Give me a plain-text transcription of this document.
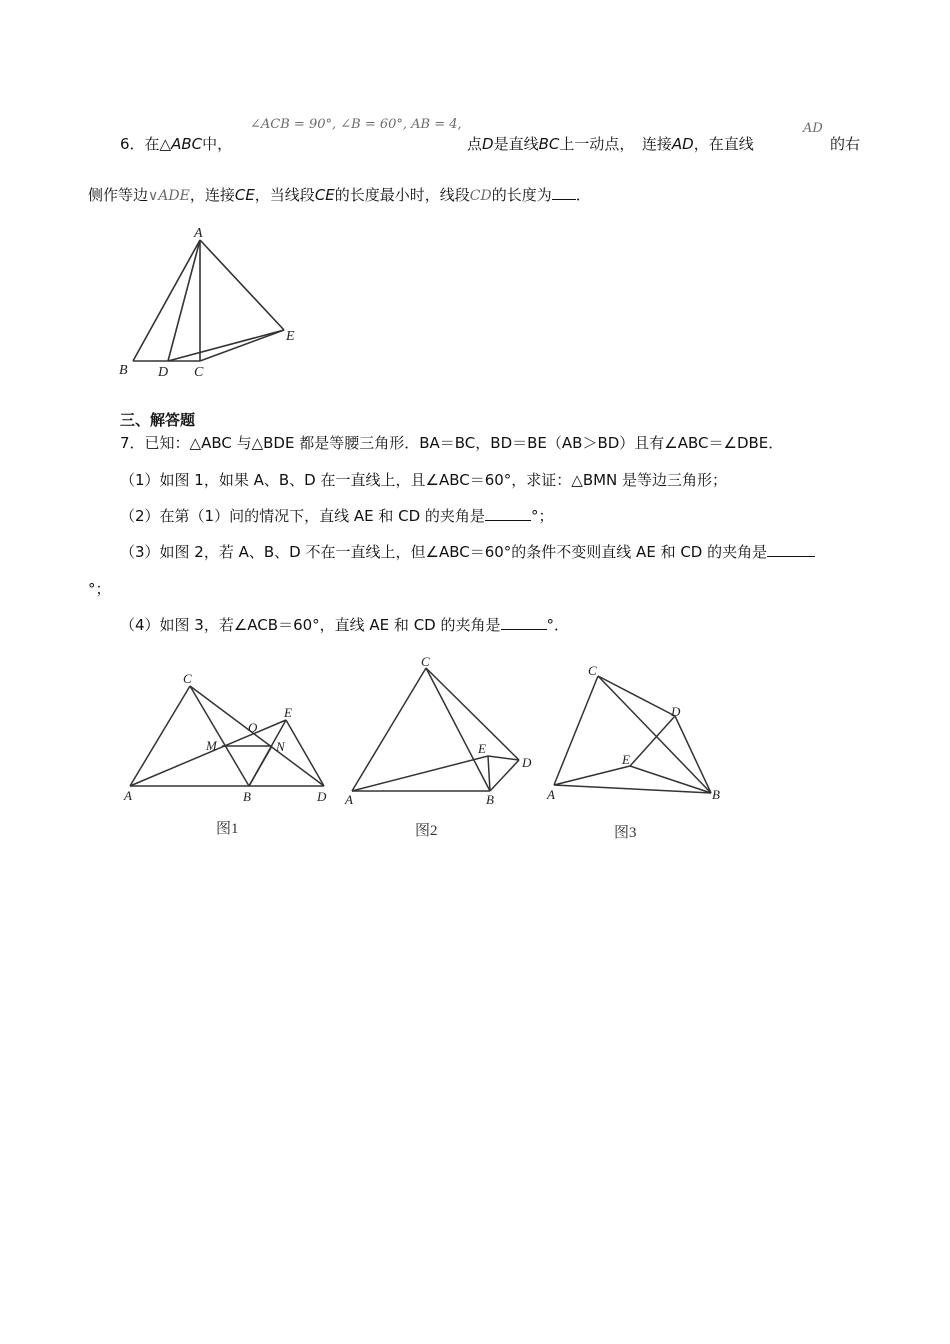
6．在△ABC中，
∠ACB = 90°, ∠B = 60°, AB = 4,
点D是直线BC上一动点，　连接AD，在直线
AD
的右
侧作等边∨ADE，连接CE，当线段CE的长度最小时，线段CD的长度为 ．
A
B D C
E
三、解答题
7．已知：△ABC 与△BDE 都是等腰三角形．BA＝BC，BD＝BE（AB＞BD）且有∠ABC＝∠DBE．
（1）如图 1，如果 A、B、D 在一直线上，且∠ABC＝60°，求证：△BMN 是等边三角形；
（2）在第（1）问的情况下，直线 AE 和 CD 的夹角是	°；
（3）如图 2，若 A、B、D 不在一直线上，但∠ABC＝60°的条件不变则直线 AE 和 CD 的夹角是
°；
（4）如图 3，若∠ACB＝60°，直线 AE 和 CD 的夹角是	°．
C
E
O
M	N
A	B	D
图1
C
E
D
A	B
图2
C
D
E
A	B
图3
